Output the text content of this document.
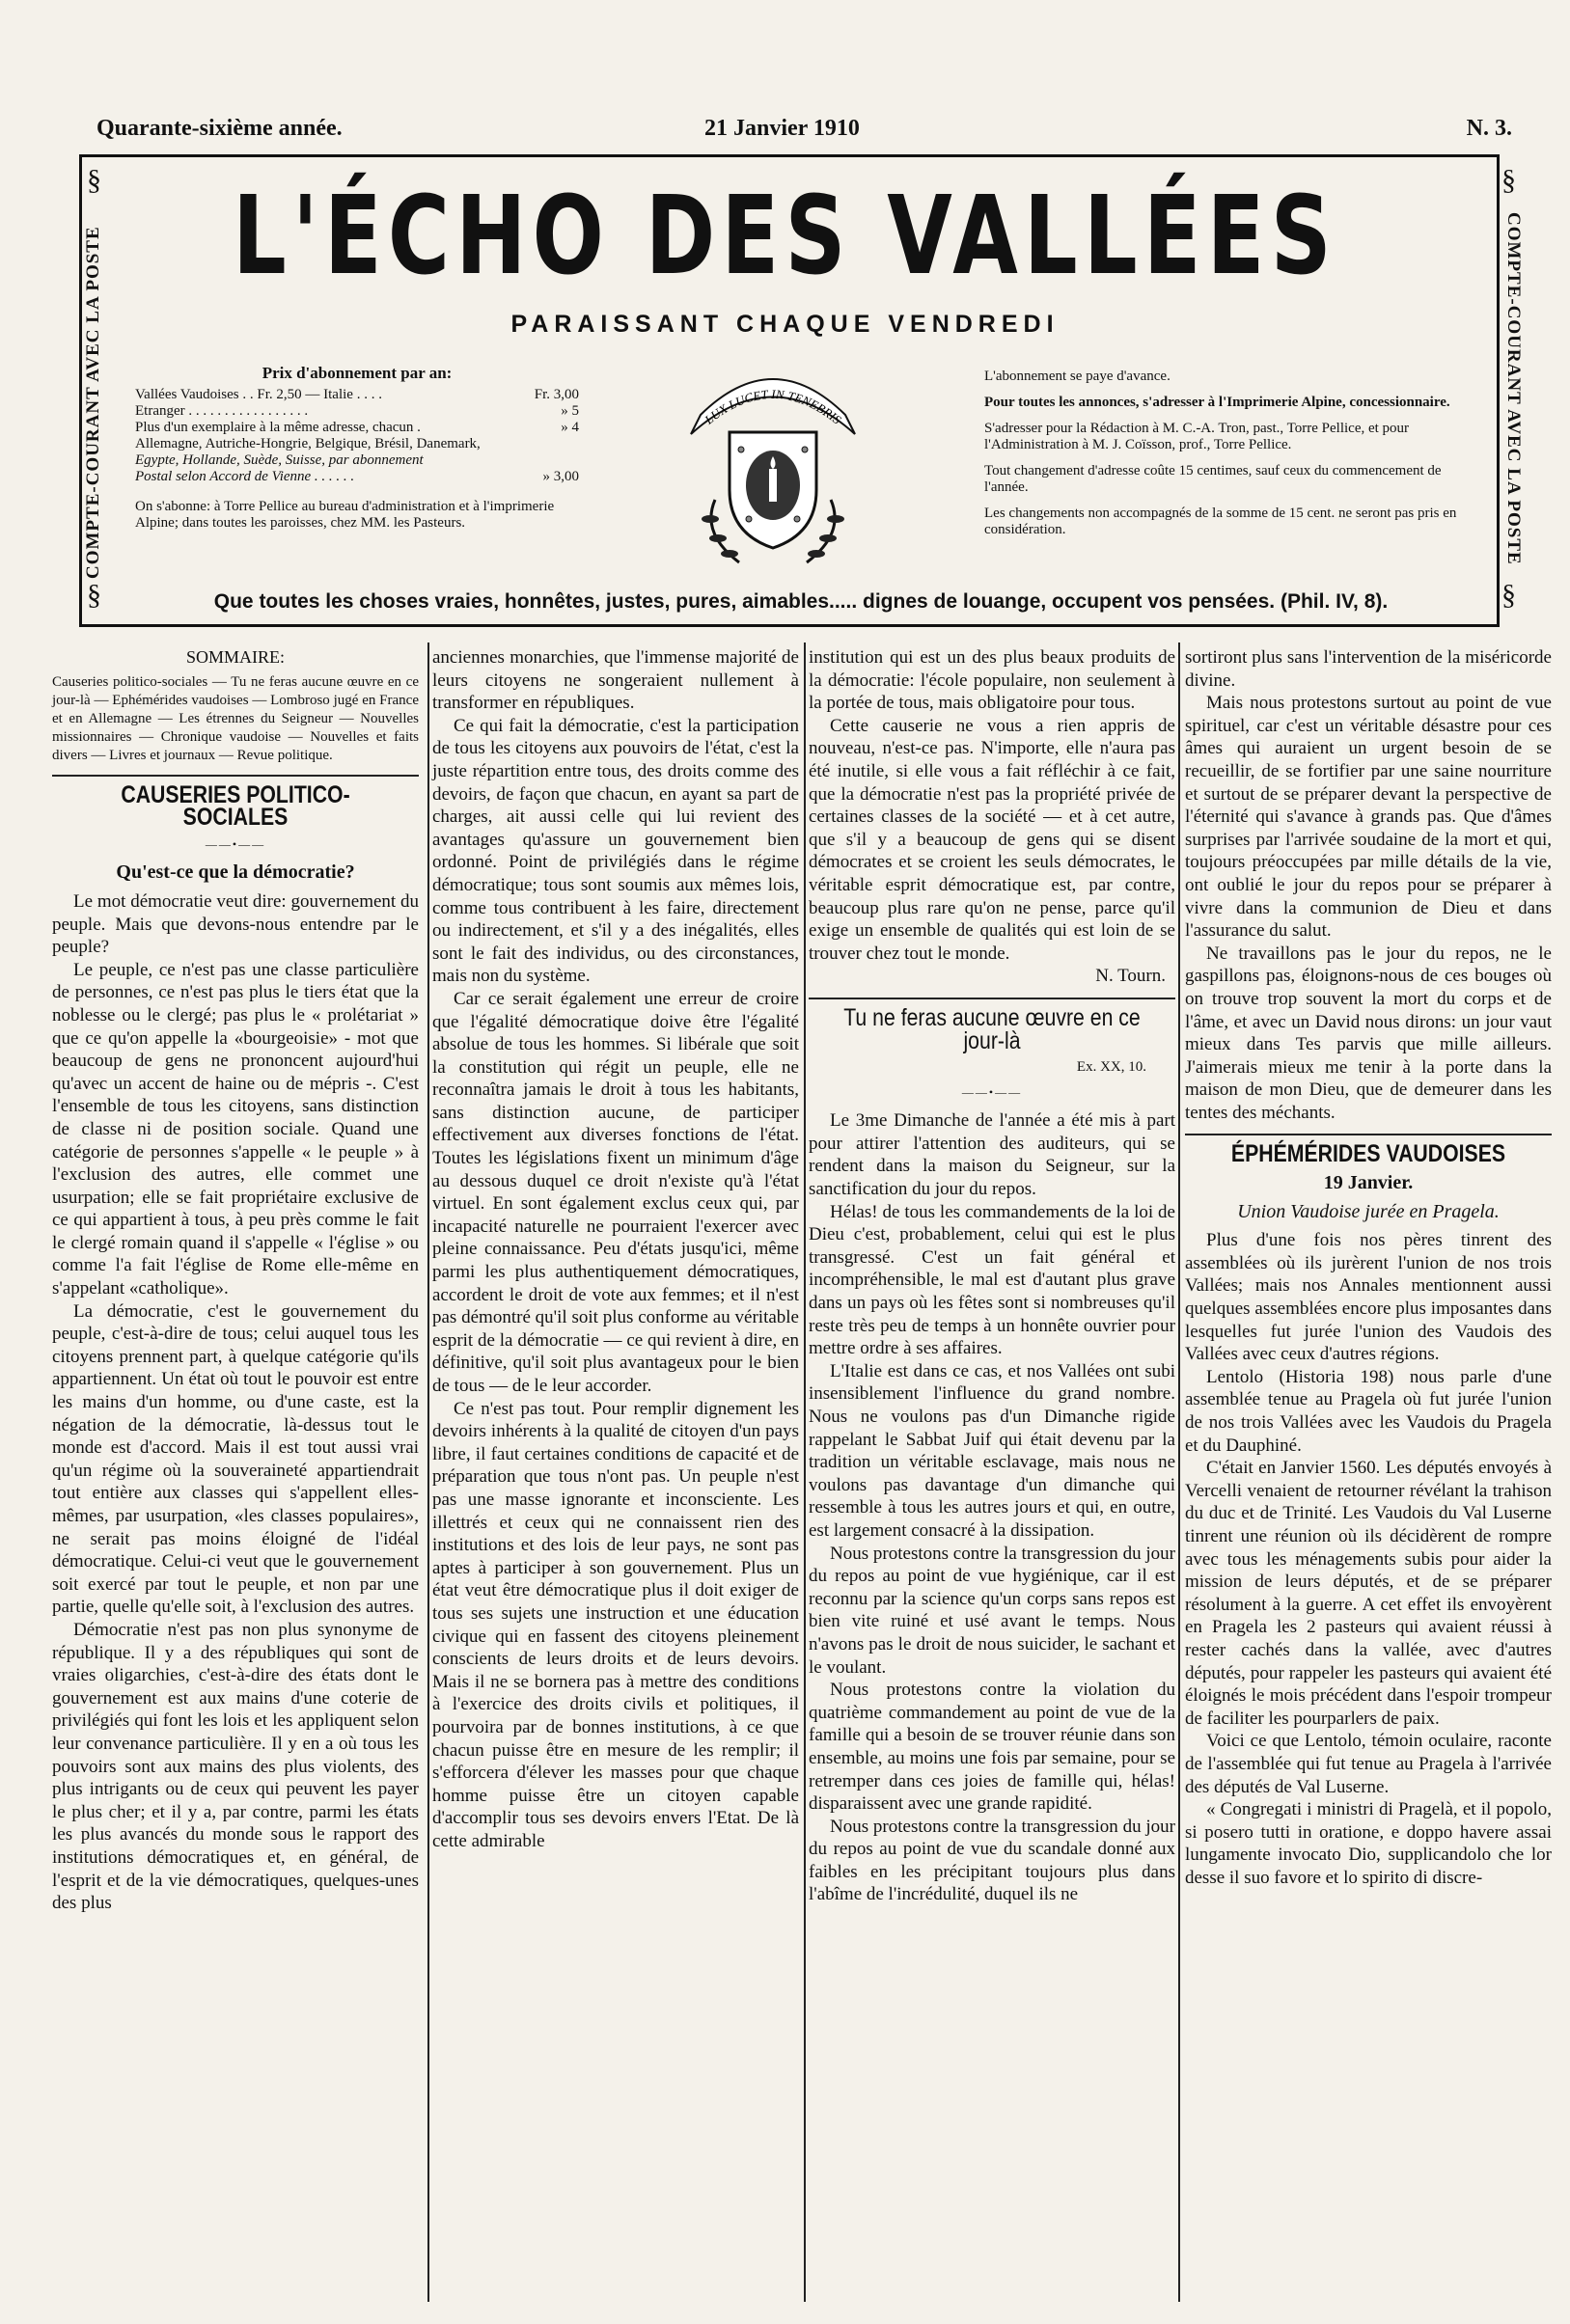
Quarante-sixième année.	21 Janvier 1910	N. 3.
§
§
§
§
COMPTE-COURANT AVEC LA POSTE	COMPTE-COURANT AVEC LA POSTE
L'ÉCHO DES VALLÉES
PARAISSANT CHAQUE VENDREDI
Prix d'abonnement par an:
Vallées Vaudoises . . Fr. 2,50 — Italie . . . .	Fr. 3,00
Etranger . . . . . . . . . . . . . . . . .	» 5
Plus d'un exemplaire à la même adresse, chacun .	» 4
Allemagne, Autriche-Hongrie, Belgique, Brésil, Danemark,
Egypte, Hollande, Suède, Suisse, par abonnement
Postal selon Accord de Vienne . . . . . .	» 3,00
On s'abonne: à Torre Pellice au bureau d'administration et à l'imprimerie Alpine; dans toutes les paroisses, chez MM. les Pasteurs.
LUX LUCET IN TENEBRIS

L'abonnement se paye d'avance.

Pour toutes les annonces, s'adresser à l'Imprimerie Alpine, concessionnaire.

S'adresser pour la Rédaction à M. C.-A. Tron, past., Torre Pellice, et pour l'Administration à M. J. Coïsson, prof., Torre Pellice.

Tout changement d'adresse coûte 15 centimes, sauf ceux du commencement de l'année.

Les changements non accompagnés de la somme de 15 cent. ne seront pas pris en considération.

Que toutes les choses vraies, honnêtes, justes, pures, aimables..... dignes de louange, occupent vos pensées. (Phil. IV, 8).
SOMMAIRE:
Causeries politico-sociales — Tu ne feras aucune œuvre en ce jour-là — Ephémérides vaudoises — Lombroso jugé en France et en Allemagne — Les étrennes du Seigneur — Nouvelles missionnaires — Chronique vaudoise — Nouvelles et faits divers — Livres et journaux — Revue politique.
CAUSERIES POLITICO-SOCIALES
——•——
Qu'est-ce que la démocratie?

Le mot démocratie veut dire: gouvernement du peuple. Mais que devons-nous entendre par le peuple?

Le peuple, ce n'est pas une classe particulière de personnes, ce n'est pas plus le tiers état que la noblesse ou le clergé; pas plus le « prolétariat » que ce qu'on appelle la «bourgeoisie» - mot que beaucoup de gens ne prononcent aujourd'hui qu'avec un accent de haine ou de mépris -. C'est l'ensemble de tous les citoyens, sans distinction de classe ni de position sociale. Quand une catégorie de personnes s'appelle « le peuple » à l'exclusion des autres, elle commet une usurpation; elle se fait propriétaire exclusive de ce qui appartient à tous, à peu près comme le fait le clergé romain quand il s'appelle « l'église » ou comme l'a fait l'église de Rome elle-même en s'appelant «catholique».

La démocratie, c'est le gouvernement du peuple, c'est-à-dire de tous; celui auquel tous les citoyens prennent part, à quelque catégorie qu'ils appartiennent. Un état où tout le pouvoir est entre les mains d'un homme, ou d'une caste, est la négation de la démocratie, là-dessus tout le monde est d'accord. Mais il est tout aussi vrai qu'un régime où la souveraineté appartiendrait tout entière aux classes qui s'appellent elles-mêmes, par usurpation, «les classes populaires», ne serait pas moins éloigné de l'idéal démocratique. Celui-ci veut que le gouvernement soit exercé par tout le peuple, et non par une partie, quelle qu'elle soit, à l'exclusion des autres.

Démocratie n'est pas non plus synonyme de république. Il y a des républiques qui sont de vraies oligarchies, c'est-à-dire des états dont le gouvernement est aux mains d'une coterie de privilégiés qui font les lois et les appliquent selon leur convenance particulière. Il y en a où tous les pouvoirs sont aux mains des plus violents, des plus intrigants ou de ceux qui peuvent les payer le plus cher; et il y a, par contre, parmi les états les plus avancés du monde sous le rapport des institutions démocratiques et, en général, de l'esprit et de la vie démocratiques, quelques-unes des plus

anciennes monarchies, que l'immense majorité de leurs citoyens ne songeraient nullement à transformer en républiques.

Ce qui fait la démocratie, c'est la participation de tous les citoyens aux pouvoirs de l'état, c'est la juste répartition entre tous, des droits comme des devoirs, de façon que chacun, en ayant sa part de charges, ait aussi celle qui lui revient des avantages qu'assure un gouvernement bien ordonné. Point de privilégiés dans le régime démocratique; tous sont soumis aux mêmes lois, comme tous contribuent à les faire, directement ou indirectement, et s'il y a des inégalités, elles sont le fait des individus, ou des circonstances, mais non du système.

Car ce serait également une erreur de croire que l'égalité démocratique doive être l'égalité absolue de tous les hommes. Si libérale que soit la constitution qui régit un peuple, elle ne reconnaîtra jamais le droit à tous les habitants, sans distinction aucune, de participer effectivement aux diverses fonctions de l'état. Toutes les législations fixent un minimum d'âge au dessous duquel ce droit n'existe qu'à l'état virtuel. En sont également exclus ceux qui, par incapacité naturelle ne pourraient l'exercer avec pleine connaissance. Peu d'états jusqu'ici, même parmi les plus authentiquement démocratiques, accordent le droit de vote aux femmes; et il n'est pas démontré qu'il soit plus conforme au véritable esprit de la démocratie — ce qui revient à dire, en définitive, qu'il soit plus avantageux pour le bien de tous — de le leur accorder.

Ce n'est pas tout. Pour remplir dignement les devoirs inhérents à la qualité de citoyen d'un pays libre, il faut certaines conditions de capacité et de préparation que tous n'ont pas. Un peuple n'est pas une masse ignorante et inconsciente. Les illettrés et ceux qui ne connaissent rien des institutions et des lois de leur pays, ne sont pas aptes à participer à son gouvernement. Plus un état veut être démocratique plus il doit exiger de tous ses sujets une instruction et une éducation civique qui en fassent des citoyens pleinement conscients de leurs droits et de leurs devoirs. Mais il ne se bornera pas à mettre des conditions à l'exercice des droits civils et politiques, il pourvoira par de bonnes institutions, à ce que chacun puisse être en mesure de les remplir; il s'efforcera d'élever les masses pour que chaque homme puisse être un citoyen capable d'accomplir tous ses devoirs envers l'Etat. De là cette admirable

institution qui est un des plus beaux produits de la démocratie: l'école populaire, non seulement à la portée de tous, mais obligatoire pour tous.

Cette causerie ne vous a rien appris de nouveau, n'est-ce pas. N'importe, elle n'aura pas été inutile, si elle vous a fait réfléchir à ce fait, que la démocratie n'est pas la propriété privée de certaines classes de la société — et à cet autre, que s'il y a beaucoup de gens qui se disent démocrates et se croient les seuls démocrates, le véritable esprit démocratique est, par contre, beaucoup plus rare qu'on ne pense, parce qu'il exige un ensemble de qualités qui est loin de se trouver chez tout le monde.

N. Tourn.
Tu ne feras aucune œuvre en ce jour-là
Ex. XX, 10.
——•——

Le 3me Dimanche de l'année a été mis à part pour attirer l'attention des auditeurs, qui se rendent dans la maison du Seigneur, sur la sanctification du jour du repos.

Hélas! de tous les commandements de la loi de Dieu c'est, probablement, celui qui est le plus transgressé. C'est un fait général et incompréhensible, le mal est d'autant plus grave dans un pays où les fêtes sont si nombreuses qu'il reste très peu de temps à un honnête ouvrier pour mettre ordre à ses affaires.

L'Italie est dans ce cas, et nos Vallées ont subi insensiblement l'influence du grand nombre. Nous ne voulons pas d'un Dimanche rigide rappelant le Sabbat Juif qui était devenu par la tradition un véritable esclavage, mais nous ne voulons pas davantage d'un dimanche qui ressemble à tous les autres jours et qui, en outre, est largement consacré à la dissipation.

Nous protestons contre la transgression du jour du repos au point de vue hygiénique, car il est reconnu par la science qu'un corps sans repos est bien vite ruiné et usé avant le temps. Nous n'avons pas le droit de nous suicider, le sachant et le voulant.

Nous protestons contre la violation du quatrième commandement au point de vue de la famille qui a besoin de se trouver réunie dans son ensemble, au moins une fois par semaine, pour se retremper dans ces joies de famille qui, hélas! disparaissent avec une grande rapidité.

Nous protestons contre la transgression du jour du repos au point de vue du scandale donné aux faibles en les précipitant toujours plus dans l'abîme de l'incrédulité, duquel ils ne

sortiront plus sans l'intervention de la miséricorde divine.

Mais nous protestons surtout au point de vue spirituel, car c'est un véritable désastre pour ces âmes qui auraient un urgent besoin de se recueillir, de se fortifier par une saine nourriture et surtout de se préparer devant la perspective de l'éternité qui s'avance à grands pas. Que d'âmes surprises par l'arrivée soudaine de la mort et qui, toujours préoccupées par mille détails de la vie, ont oublié le jour du repos pour se préparer à vivre dans la communion de Dieu et dans l'assurance du salut.

Ne travaillons pas le jour du repos, ne le gaspillons pas, éloignons-nous de ces bouges où on trouve trop souvent la mort du corps et de l'âme, et avec un David nous dirons: un jour vaut mieux dans Tes parvis que mille ailleurs. J'aimerais mieux me tenir à la porte dans la maison de mon Dieu, que de demeurer dans les tentes des méchants.

ÉPHÉMÉRIDES VAUDOISES
19 Janvier.
Union Vaudoise jurée en Pragela.

Plus d'une fois nos pères tinrent des assemblées où ils jurèrent l'union de nos trois Vallées; mais nos Annales mentionnent aussi quelques assemblées encore plus imposantes dans lesquelles fut jurée l'union des Vaudois des Vallées avec ceux d'autres régions.

Lentolo (Historia 198) nous parle d'une assemblée tenue au Pragela où fut jurée l'union de nos trois Vallées avec les Vaudois du Pragela et du Dauphiné.

C'était en Janvier 1560. Les députés envoyés à Vercelli venaient de retourner révélant la trahison du duc et de Trinité. Les Vaudois du Val Luserne tinrent une réunion où ils décidèrent de rompre avec tous les ménagements subis pour aider la mission de leurs députés, et de se préparer résolument à la guerre. A cet effet ils envoyèrent en Pragela les 2 pasteurs qui avaient réussi à rester cachés dans la vallée, avec d'autres députés, pour rappeler les pasteurs qui avaient été éloignés le mois précédent dans l'espoir trompeur de faciliter les pourparlers de paix.

Voici ce que Lentolo, témoin oculaire, raconte de l'assemblée qui fut tenue au Pragela à l'arrivée des députés de Val Luserne.

« Congregati i ministri di Pragelà, et il popolo, si posero tutti in oratione, e doppo havere assai lungamente invocato Dio, supplicandolo che lor desse il suo favore et lo spirito di discre-
